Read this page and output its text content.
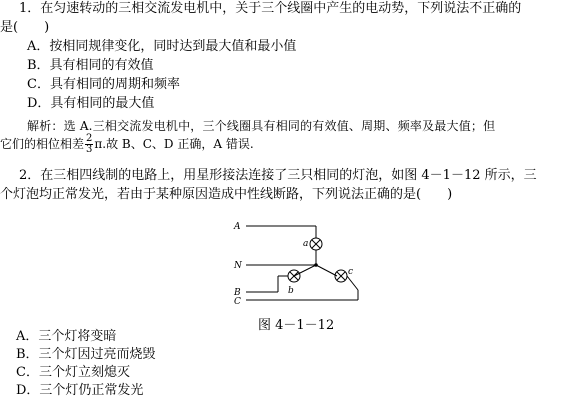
1．在匀速转动的三相交流发电机中，关于三个线圈中产生的电动势，下列说法不正确的
是(　　)
A．按相同规律变化，同时达到最大值和最小值
B．具有相同的有效值
C．具有相同的周期和频率
D．具有相同的最大值
解析：选 A.三相交流发电机中，三个线圈具有相同的有效值、周期、频率及最大值；但
它们的相位相差 $\frac{2}{3} \pi$.故 B、C、D 正确，A 错误.
2．在三相四线制的电路上，用星形接法连接了三只相同的灯泡，如图 4－1－12 所示，三
个灯泡均正常发光，若由于某种原因造成中性线断路，下列说法正确的是(　　)
A
N
B
C
a
b
c
图 4－1－12
A．三个灯将变暗
B．三个灯因过亮而烧毁
C．三个灯立刻熄灭
D．三个灯仍正常发光
